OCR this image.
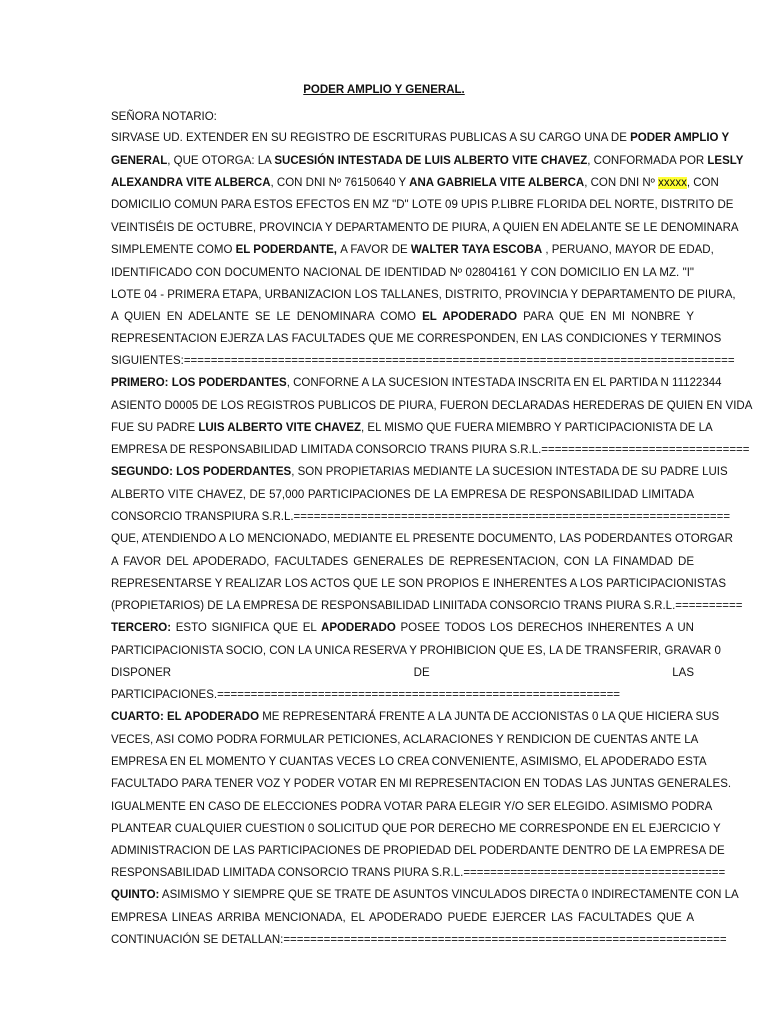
PODER AMPLIO Y GENERAL.
SEÑORA NOTARIO:
SIRVASE UD. EXTENDER EN SU REGISTRO DE ESCRITURAS PUBLICAS A SU CARGO UNA DE PODER AMPLIO Y
GENERAL, QUE OTORGA: LA SUCESIÓN INTESTADA DE LUIS ALBERTO VITE CHAVEZ, CONFORMADA POR LESLY
ALEXANDRA VITE ALBERCA, CON DNI Nº 76150640 Y ANA GABRIELA VITE ALBERCA, CON DNI Nº xxxxx, CON
DOMICILIO COMUN PARA ESTOS EFECTOS EN MZ "D" LOTE 09 UPIS P.LIBRE FLORIDA DEL NORTE, DISTRITO DE
VEINTISÉIS DE OCTUBRE, PROVINCIA Y DEPARTAMENTO DE PIURA, A QUIEN EN ADELANTE SE LE DENOMINARA
SIMPLEMENTE COMO EL PODERDANTE, A FAVOR DE WALTER TAYA ESCOBA , PERUANO, MAYOR DE EDAD,
IDENTIFICADO CON DOCUMENTO NACIONAL DE IDENTIDAD Nº 02804161 Y CON DOMICILIO EN LA MZ. "I"
LOTE 04 - PRIMERA ETAPA, URBANIZACION LOS TALLANES, DISTRITO, PROVINCIA Y DEPARTAMENTO DE PIURA,
A QUIEN EN ADELANTE SE LE DENOMINARA COMO EL APODERADO PARA QUE EN MI NONBRE Y
REPRESENTACION EJERZA LAS FACULTADES QUE ME CORRESPONDEN, EN LAS CONDICIONES Y TERMINOS
SIGUIENTES:==================================================================================
PRIMERO: LOS PODERDANTES, CONFORNE A LA SUCESION INTESTADA INSCRITA EN EL PARTIDA N 11122344
ASIENTO D0005 DE LOS REGISTROS PUBLICOS DE PIURA, FUERON DECLARADAS HEREDERAS DE QUIEN EN VIDA
FUE SU PADRE LUIS ALBERTO VITE CHAVEZ, EL MISMO QUE FUERA MIEMBRO Y PARTICIPACIONISTA DE LA
EMPRESA DE RESPONSABILIDAD LIMITADA CONSORCIO TRANS PIURA S.R.L.===============================
SEGUNDO: LOS PODERDANTES, SON PROPIETARIAS MEDIANTE LA SUCESION INTESTADA DE SU PADRE LUIS
ALBERTO VITE CHAVEZ, DE 57,000 PARTICIPACIONES DE LA EMPRESA DE RESPONSABILIDAD LIMITADA
CONSORCIO TRANSPIURA S.R.L.=================================================================
QUE, ATENDIENDO A LO MENCIONADO, MEDIANTE EL PRESENTE DOCUMENTO, LAS PODERDANTES OTORGAR
A FAVOR DEL APODERADO, FACULTADES GENERALES DE REPRESENTACION, CON LA FINAMDAD DE
REPRESENTARSE Y REALIZAR LOS ACTOS QUE LE SON PROPIOS E INHERENTES A LOS PARTICIPACIONISTAS
(PROPIETARIOS) DE LA EMPRESA DE RESPONSABILIDAD LINIITADA CONSORCIO TRANS PIURA S.R.L.==========
TERCERO: ESTO SIGNIFICA QUE EL APODERADO POSEE TODOS LOS DERECHOS INHERENTES A UN
PARTICIPACIONISTA SOCIO, CON LA UNICA RESERVA Y PROHIBICION QUE ES, LA DE TRANSFERIR, GRAVAR 0
DISPONER	DE	LAS
PARTICIPACIONES.============================================================
CUARTO: EL APODERADO ME REPRESENTARÁ FRENTE A LA JUNTA DE ACCIONISTAS 0 LA QUE HICIERA SUS
VECES, ASI COMO PODRA FORMULAR PETICIONES, ACLARACIONES Y RENDICION DE CUENTAS ANTE LA
EMPRESA EN EL MOMENTO Y CUANTAS VECES LO CREA CONVENIENTE, ASIMISMO, EL APODERADO ESTA
FACULTADO PARA TENER VOZ Y PODER VOTAR EN MI REPRESENTACION EN TODAS LAS JUNTAS GENERALES.
IGUALMENTE EN CASO DE ELECCIONES PODRA VOTAR PARA ELEGIR Y/O SER ELEGIDO. ASIMISMO PODRA
PLANTEAR CUALQUIER CUESTION 0 SOLICITUD QUE POR DERECHO ME CORRESPONDE EN EL EJERCICIO Y
ADMINISTRACION DE LAS PARTICIPACIONES DE PROPIEDAD DEL PODERDANTE DENTRO DE LA EMPRESA DE
RESPONSABILIDAD LIMITADA CONSORCIO TRANS PIURA S.R.L.=======================================
QUINTO: ASIMISMO Y SIEMPRE QUE SE TRATE DE ASUNTOS VINCULADOS DIRECTA 0 INDIRECTAMENTE CON LA
EMPRESA LINEAS ARRIBA MENCIONADA, EL APODERADO PUEDE EJERCER LAS FACULTADES QUE A
CONTINUACIÓN SE DETALLAN:==================================================================
